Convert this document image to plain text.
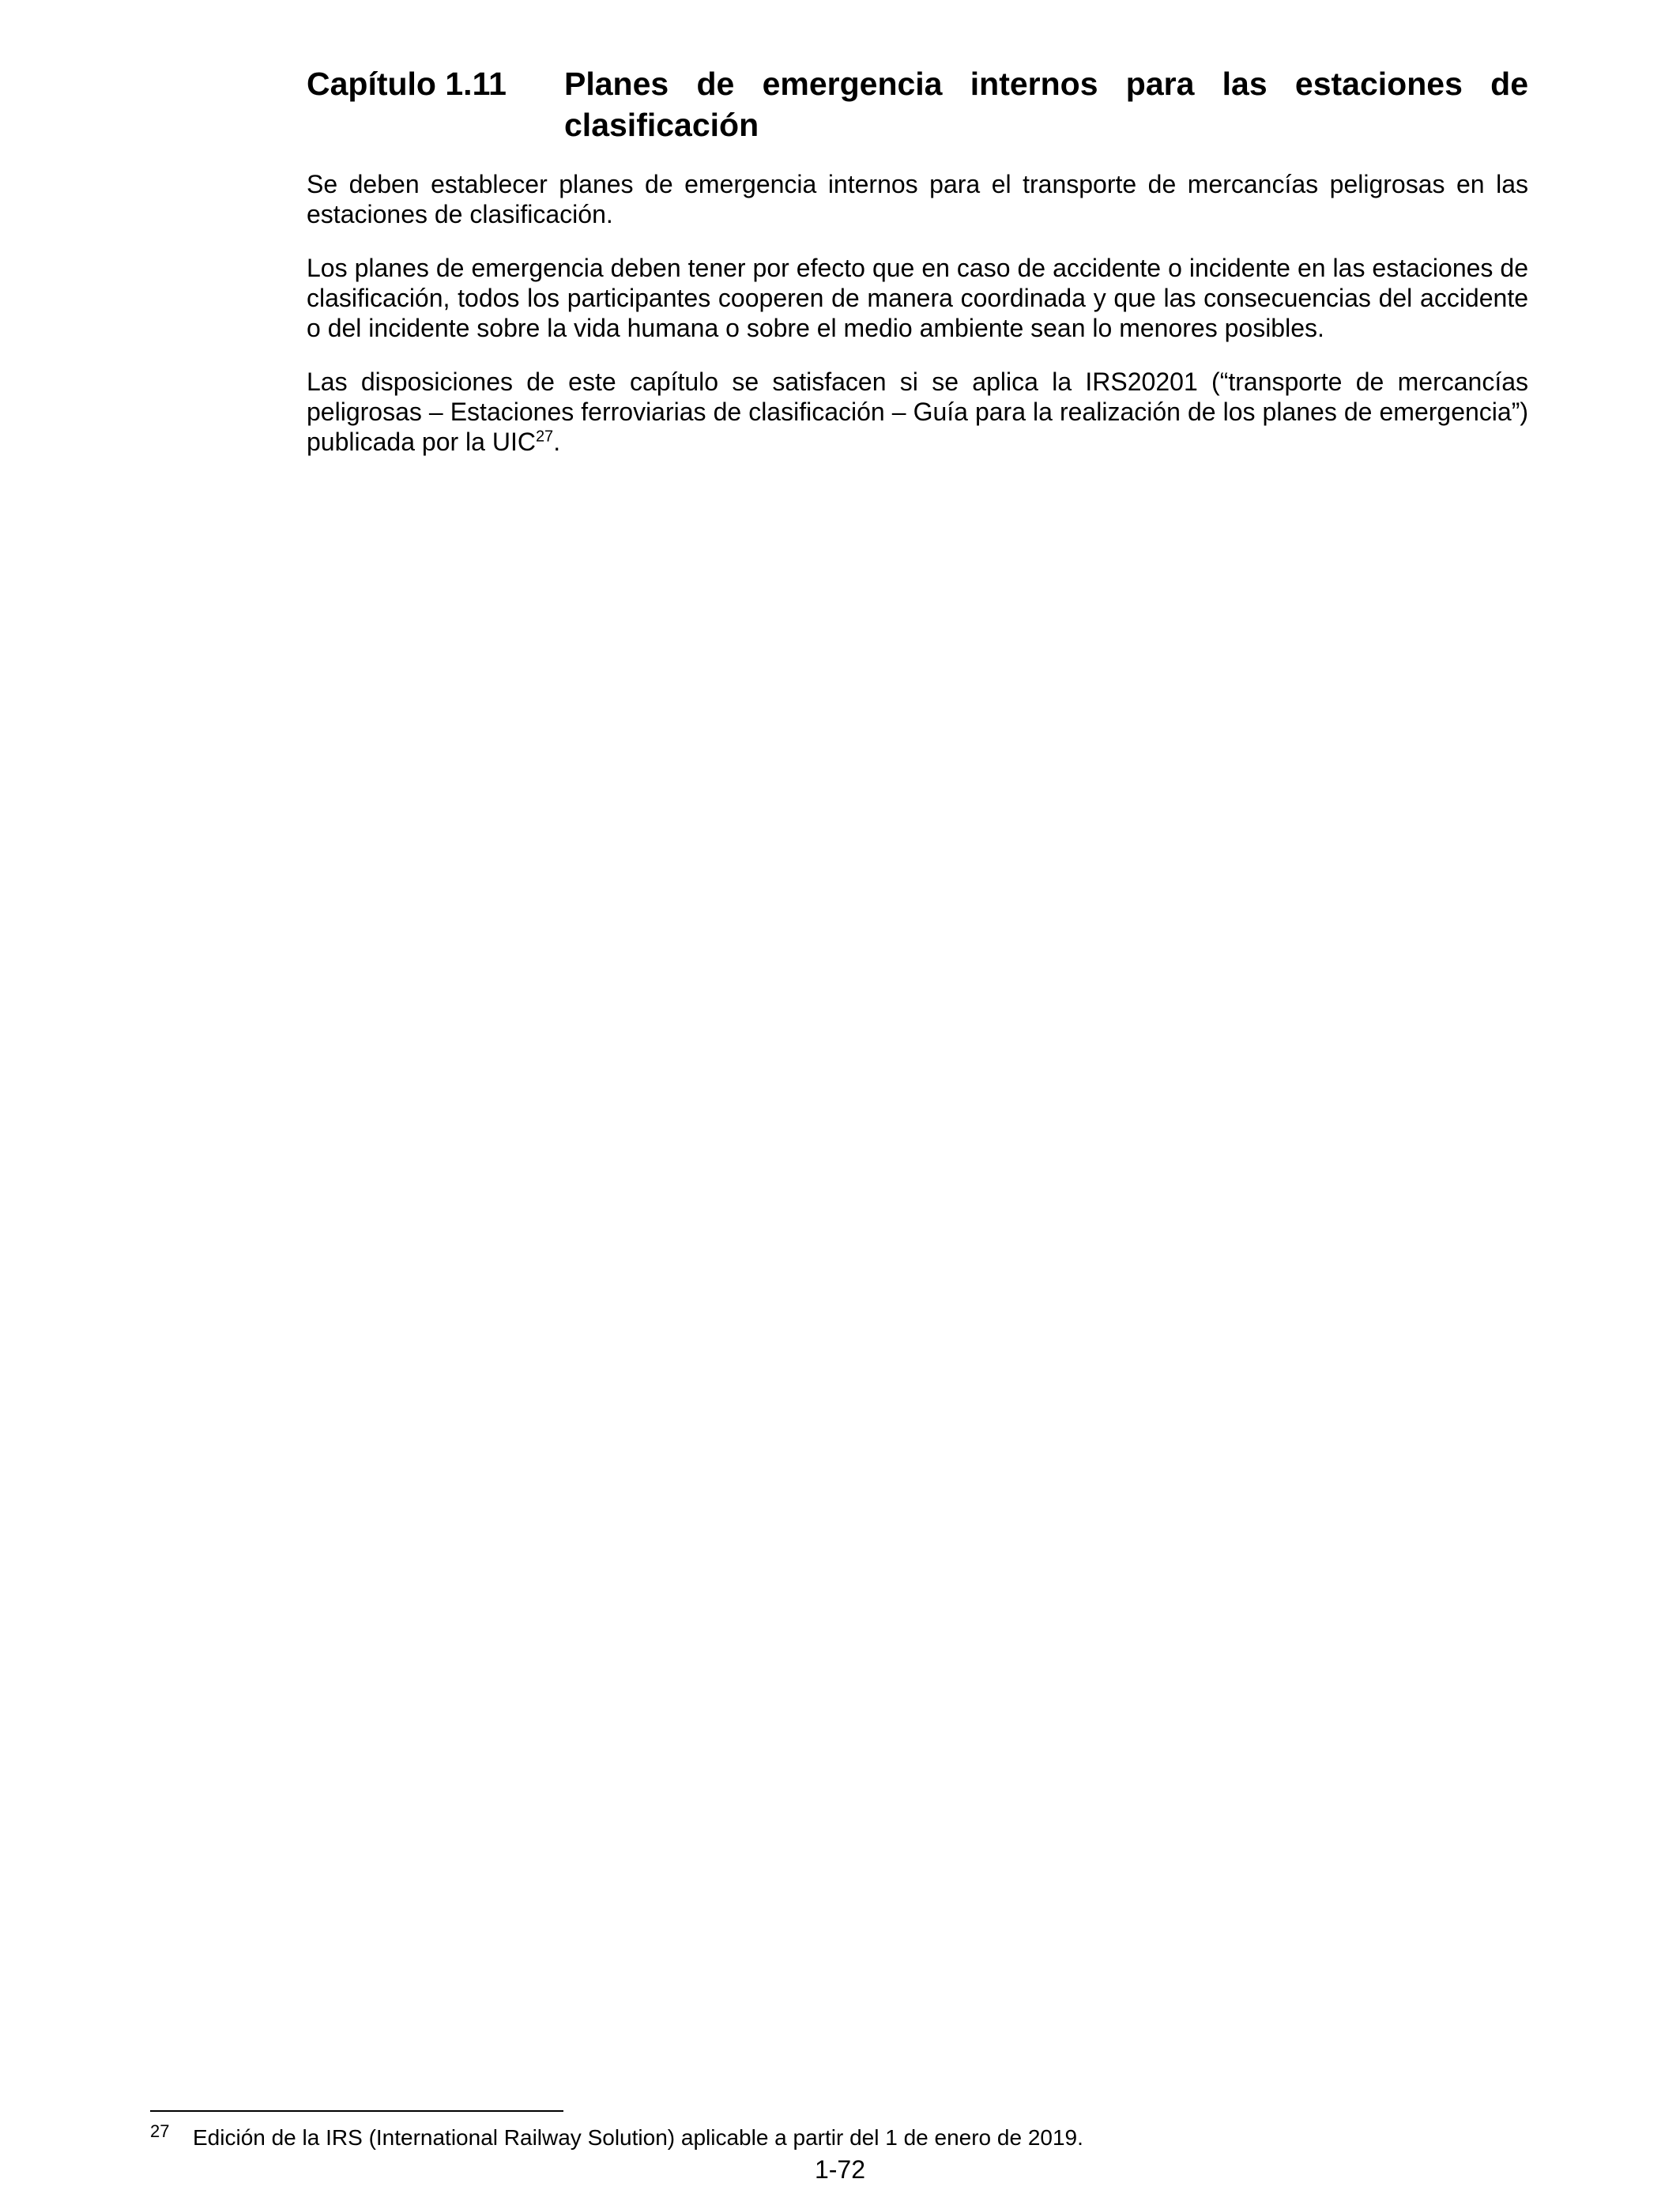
Capítulo 1.11 Planes de emergencia internos para las estaciones de clasificación

Se deben establecer planes de emergencia internos para el transporte de mercancías peligrosas en las estaciones de clasificación.

Los planes de emergencia deben tener por efecto que en caso de accidente o incidente en las estaciones de clasificación, todos los participantes cooperen de manera coordinada y que las consecuencias del accidente o del incidente sobre la vida humana o sobre el medio ambiente sean lo menores posibles.

Las disposiciones de este capítulo se satisfacen si se aplica la IRS20201 (“transporte de mercancías peligrosas – Estaciones ferroviarias de clasificación – Guía para la realización de los planes de emergencia”) publicada por la UIC$^{27}$.

27 Edición de la IRS (International Railway Solution) aplicable a partir del 1 de enero de 2019.
1-72
